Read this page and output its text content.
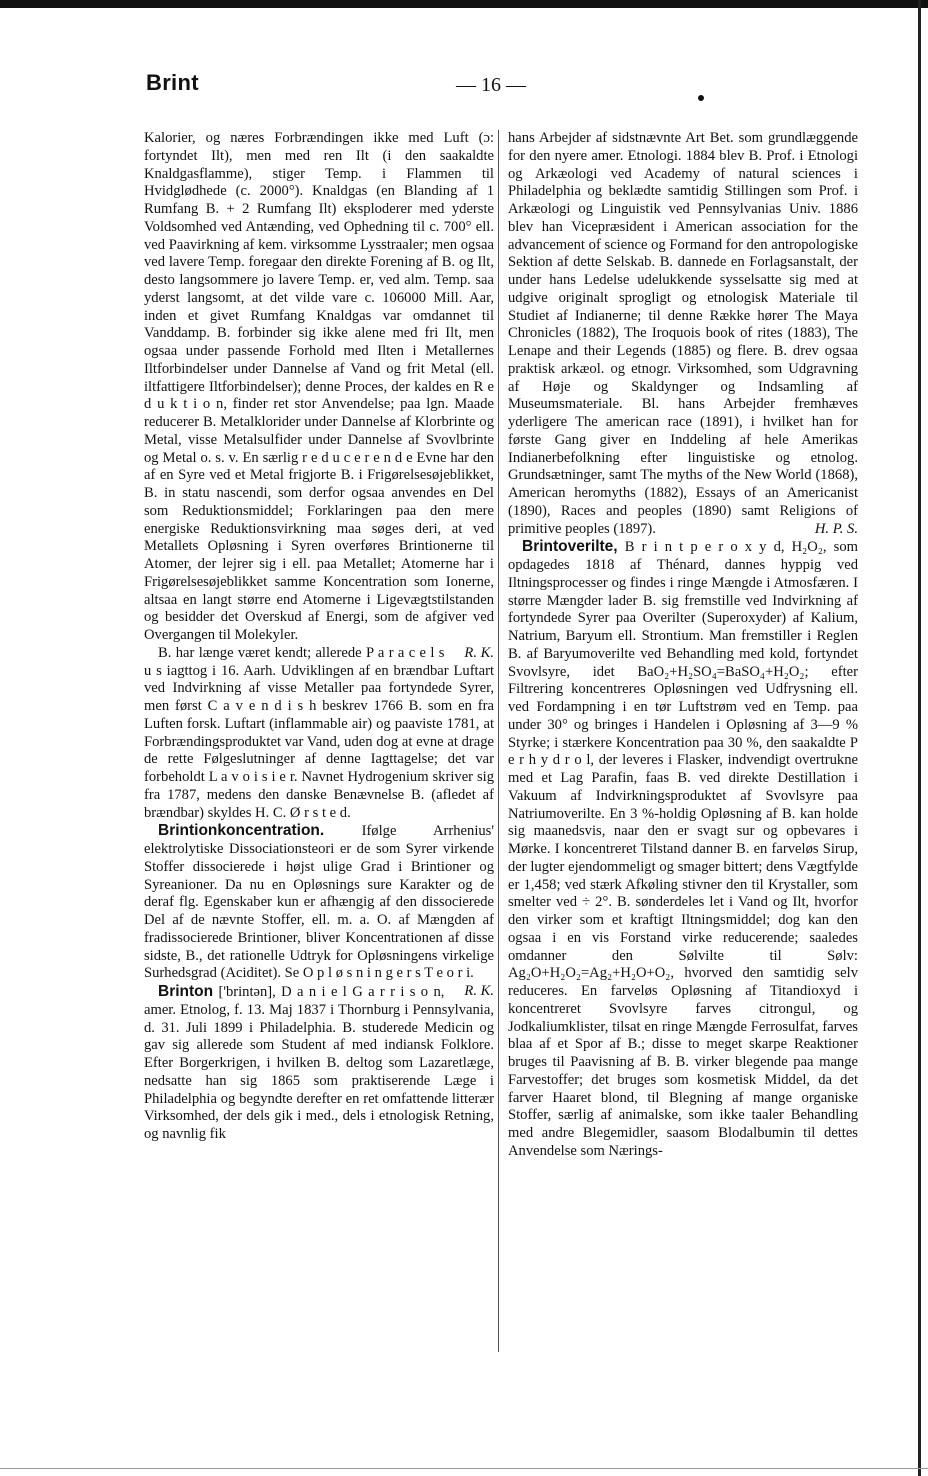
Brint	— 16 —

Kalorier, og næres Forbrændingen ikke med Luft (ɔ: fortyndet Ilt), men med ren Ilt (i den saakaldte Knaldgasflamme), stiger Temp. i Flammen til Hvidglødhede (c. 2000°). Knaldgas (en Blanding af 1 Rumfang B. + 2 Rumfang Ilt) eksploderer med yderste Voldsomhed ved Antænding, ved Ophedning til c. 700° ell. ved Paavirkning af kem. virksomme Lysstraaler; men ogsaa ved lavere Temp. foregaar den direkte Forening af B. og Ilt, desto langsommere jo lavere Temp. er, ved alm. Temp. saa yderst langsomt, at det vilde vare c. 106000 Mill. Aar, inden et givet Rumfang Knaldgas var omdannet til Vanddamp. B. forbinder sig ikke alene med fri Ilt, men ogsaa under passende Forhold med Ilten i Metallernes Iltforbindelser under Dannelse af Vand og frit Metal (ell. iltfattigere Iltforbindelser); denne Proces, der kaldes en R e d u k t i o n, finder ret stor Anvendelse; paa lgn. Maade reducerer B. Metalklorider under Dannelse af Klorbrinte og Metal, visse Metalsulfider under Dannelse af Svovlbrinte og Metal o. s. v. En særlig r e d u c e r e n d e Evne har den af en Syre ved et Metal frigjorte B. i Frigørelsesøjeblikket, B. in statu nascendi, som derfor ogsaa anvendes en Del som Reduktionsmiddel; Forklaringen paa den mere energiske Reduktionsvirkning maa søges deri, at ved Metallets Opløsning i Syren overføres Brintionerne til Atomer, der lejrer sig i ell. paa Metallet; Atomerne har i Frigørelsesøjeblikket samme Koncentration som Ionerne, altsaa en langt større end Atomerne i Ligevægtstilstanden og besidder det Overskud af Energi, som de afgiver ved Overgangen til Molekyler.

R. K.
B. har længe været kendt; allerede P a r a c e l s u s iagttog i 16. Aarh. Udviklingen af en brændbar Luftart ved Indvirkning af visse Metaller paa fortyndede Syrer, men først C a v e n d i s h beskrev 1766 B. som en fra Luften forsk. Luftart (inflammable air) og paaviste 1781, at Forbrændingsproduktet var Vand, uden dog at evne at drage de rette Følgeslutninger af denne Iagttagelse; det var forbeholdt L a v o i s i e r. Navnet Hydrogenium skriver sig fra 1787, medens den danske Benævnelse B. (afledet af brændbar) skyldes H. C. Ø r s t e d.

Brintionkoncentration.	Ifølge Arrhenius' elektrolytiske Dissociationsteori er de som Syrer virkende Stoffer dissocierede i højst ulige Grad i Brintioner og Syreanioner. Da nu en Opløsnings sure Karakter og de deraf flg. Egenskaber kun er afhængig af den dissocierede Del af de nævnte Stoffer, ell. m. a. O. af Mængden af fradissocierede Brintioner, bliver Koncentrationen af disse sidste, B., det rationelle Udtryk for Opløsningens virkelige Surhedsgrad (Aciditet). Se O p l ø s n i n g e r s T e o r i.
R. K.

Brinton ['brintən], D a n i e l G a r r i s o n, amer. Etnolog, f. 13. Maj 1837 i Thornburg i Pennsylvania, d. 31. Juli 1899 i Philadelphia. B. studerede Medicin og gav sig allerede som Student af med indiansk Folklore. Efter Borgerkrigen, i hvilken B. deltog som Lazaretlæge, nedsatte han sig 1865 som praktiserende Læge i Philadelphia og begyndte derefter en ret omfattende litterær Virksomhed, der dels gik i med., dels i etnologisk Retning, og navnlig fik

hans Arbejder af sidstnævnte Art Bet. som grundlæggende for den nyere amer. Etnologi. 1884 blev B. Prof. i Etnologi og Arkæologi ved Academy of natural sciences i Philadelphia og beklædte samtidig Stillingen som Prof. i Arkæologi og Linguistik ved Pennsylvanias Univ. 1886 blev han Vicepræsident i American association for the advancement of science og Formand for den antropologiske Sektion af dette Selskab. B. dannede en Forlagsanstalt, der under hans Ledelse udelukkende sysselsatte sig med at udgive originalt sprogligt og etnologisk Materiale til Studiet af Indianerne; til denne Række hører The Maya Chronicles (1882), The Iroquois book of rites (1883), The Lenape and their Legends (1885) og flere. B. drev ogsaa praktisk arkæol. og etnogr. Virksomhed, som Udgravning af Høje og Skaldynger og Indsamling af Museumsmateriale. Bl. hans Arbejder fremhæves yderligere The american race (1891), i hvilket han for første Gang giver en Inddeling af hele Amerikas Indianerbefolkning efter linguistiske og etnolog. Grundsætninger, samt The myths of the New World (1868), American heromyths (1882), Essays of an Americanist (1890), Races and peoples (1890) samt Religions of primitive peoples (1897).	H. P. S.

Brintoverilte, B r i n t p e r o x y d, H₂O₂, som opdagedes 1818 af Thénard, dannes hyppig ved Iltningsprocesser og findes i ringe Mængde i Atmosfæren. I større Mængder lader B. sig fremstille ved Indvirkning af fortyndede Syrer paa Overilter (Superoxyder) af Kalium, Natrium, Baryum ell. Strontium. Man fremstiller i Reglen B. af Baryumoverilte ved Behandling med kold, fortyndet Svovlsyre, idet BaO₂+H₂SO₄=BaSO₄+H₂O₂; efter Filtrering koncentreres Opløsningen ved Udfrysning ell. ved Fordampning i en tør Luftstrøm ved en Temp. paa under 30° og bringes i Handelen i Opløsning af 3—9 % Styrke; i stærkere Koncentration paa 30 %, den saakaldte P e r h y d r o l, der leveres i Flasker, indvendigt overtrukne med et Lag Parafin, faas B. ved direkte Destillation i Vakuum af Indvirkningsproduktet af Svovlsyre paa Natriumoverilte. En 3 %-holdig Opløsning af B. kan holde sig maanedsvis, naar den er svagt sur og opbevares i Mørke. I koncentreret Tilstand danner B. en farveløs Sirup, der lugter ejendommeligt og smager bittert; dens Vægtfylde er 1,458; ved stærk Afkøling stivner den til Krystaller, som smelter ved ÷ 2°. B. sønderdeles let i Vand og Ilt, hvorfor den virker som et kraftigt Iltningsmiddel; dog kan den ogsaa i en vis Forstand virke reducerende; saaledes omdanner den Sølvilte til Sølv: Ag₂O+H₂O₂=Ag₂+H₂O+O₂, hvorved den samtidig selv reduceres. En farveløs Opløsning af Titandioxyd i koncentreret Svovlsyre farves citrongul, og Jodkaliumklister, tilsat en ringe Mængde Ferrosulfat, farves blaa af et Spor af B.; disse to meget skarpe Reaktioner bruges til Paavisning af B. B. virker blegende paa mange Farvestoffer; det bruges som kosmetisk Middel, da det farver Haaret blond, til Blegning af mange organiske Stoffer, særlig af animalske, som ikke taaler Behandling med andre Blegemidler, saasom Blodalbumin til dettes Anvendelse som Nærings-
